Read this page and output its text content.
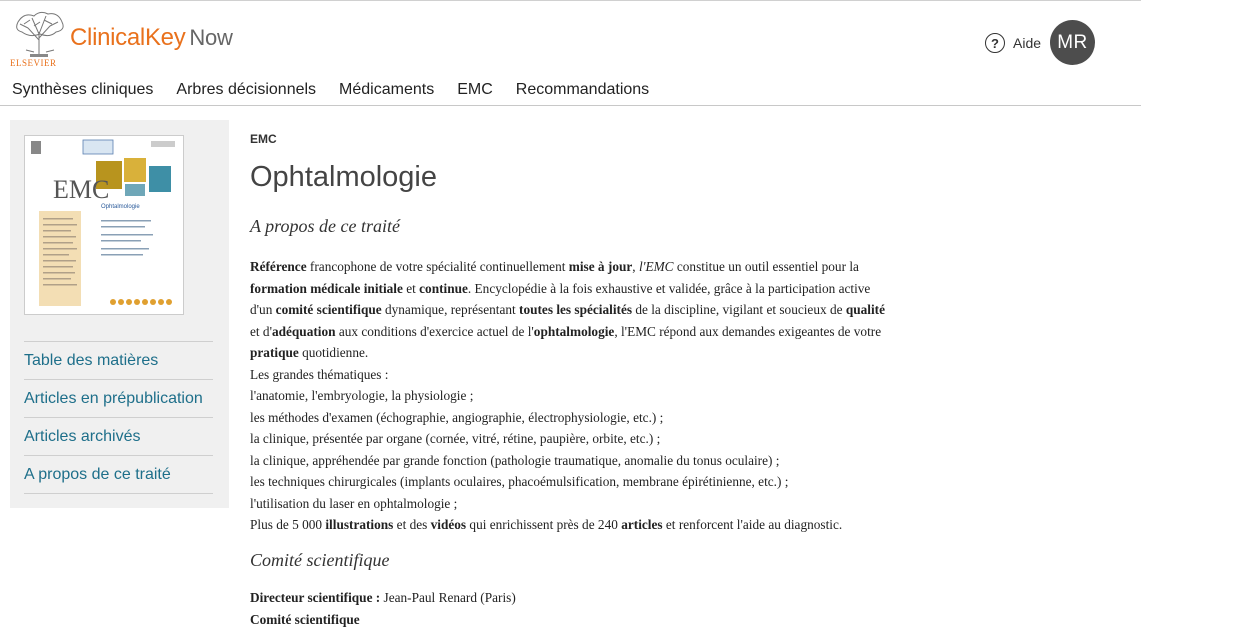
ELSEVIER
ClinicalKey Now	?	Aide MR
Synthèses cliniques Arbres décisionnels Médicaments EMC Recommandations
EMC
Ophtalmologie
Table des matières
Articles en prépublication
Articles archivés
A propos de ce traité
EMC
Ophtalmologie
A propos de ce traité

Référence francophone de votre spécialité continuellement mise à jour, l'EMC constitue un outil essentiel pour la

formation médicale initiale et continue. Encyclopédie à la fois exhaustive et validée, grâce à la participation active

d'un comité scientifique dynamique, représentant toutes les spécialités de la discipline, vigilant et soucieux de qualité

et d'adéquation aux conditions d'exercice actuel de l'ophtalmologie, l'EMC répond aux demandes exigeantes de votre

pratique quotidienne.

Les grandes thématiques :

l'anatomie, l'embryologie, la physiologie ;

les méthodes d'examen (échographie, angiographie, électrophysiologie, etc.) ;

la clinique, présentée par organe (cornée, vitré, rétine, paupière, orbite, etc.) ;

la clinique, appréhendée par grande fonction (pathologie traumatique, anomalie du tonus oculaire) ;

les techniques chirurgicales (implants oculaires, phacoémulsification, membrane épirétinienne, etc.) ;

l'utilisation du laser en ophtalmologie ;

Plus de 5 000 illustrations et des vidéos qui enrichissent près de 240 articles et renforcent l'aide au diagnostic.

Comité scientifique
Directeur scientifique : Jean-Paul Renard (Paris)
Comité scientifique
